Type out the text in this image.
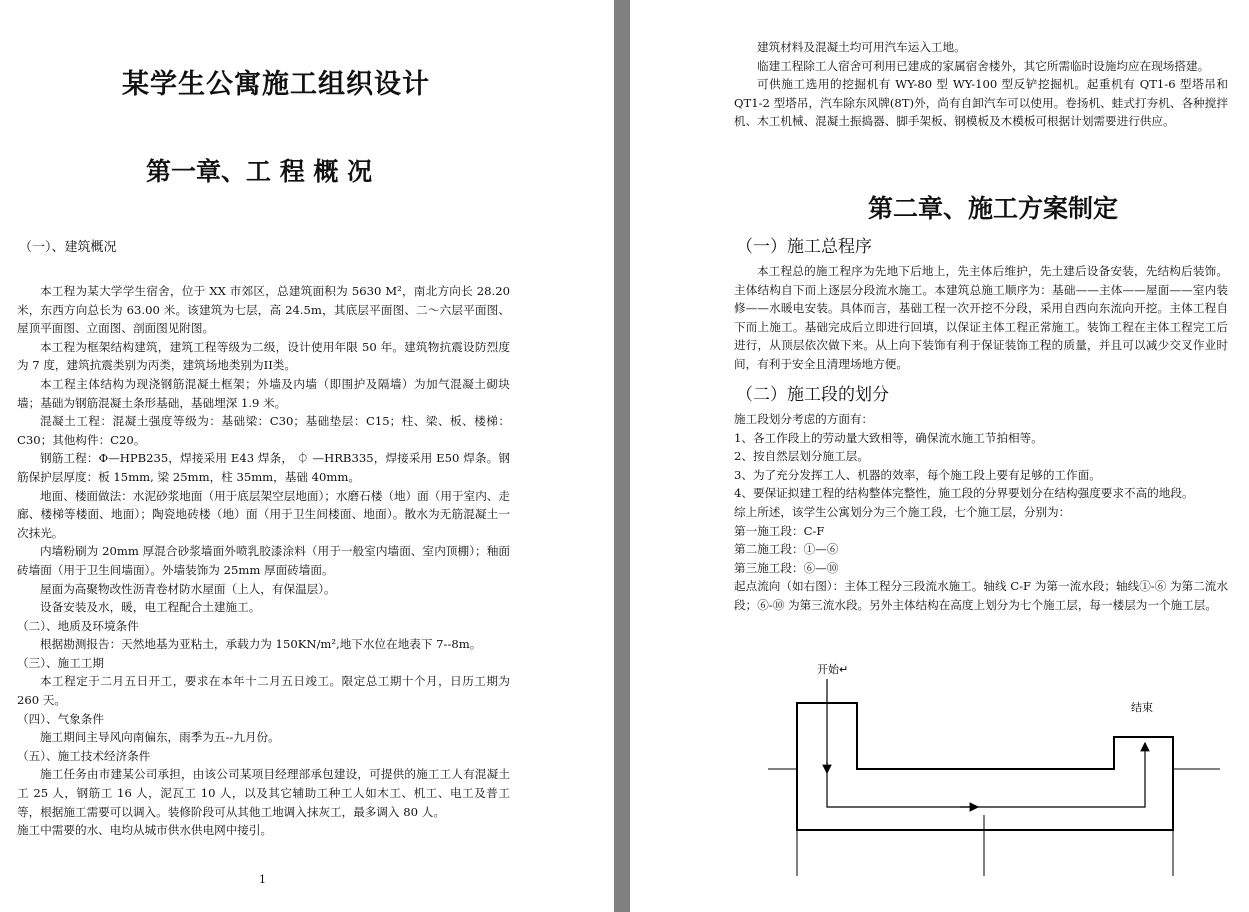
某学生公寓施工组织设计
第一章、工 程 概 况
（一）、建筑概况

本工程为某大学学生宿舍，位于 XX 市郊区，总建筑面积为 5630 M²，南北方向长 28.20 米，东西方向总长为 63.00 米。该建筑为七层，高 24.5m，其底层平面图、二～六层平面图、屋顶平面图、立面图、剖面图见附图。

本工程为框架结构建筑，建筑工程等级为二级，设计使用年限 50 年。建筑物抗震设防烈度为 7 度，建筑抗震类别为丙类，建筑场地类别为II类。

本工程主体结构为现浇钢筋混凝土框架；外墙及内墙（即围护及隔墙）为加气混凝土砌块墙；基础为钢筋混凝土条形基础，基础埋深 1.9 米。

混凝土工程：混凝土强度等级为：基础梁：C30；基础垫层：C15；柱、梁、板、楼梯：C30；其他构件：C20。

钢筋工程：Φ—HPB235，焊接采用 E43 焊条， ⏀ —HRB335，焊接采用 E50 焊条。钢筋保护层厚度：板 15mm, 梁 25mm，柱 35mm，基础 40mm。

地面、楼面做法：水泥砂浆地面（用于底层架空层地面）；水磨石楼（地）面（用于室内、走廊、楼梯等楼面、地面）；陶瓷地砖楼（地）面（用于卫生间楼面、地面）。散水为无筋混凝土一次抹光。

内墙粉刷为 20mm 厚混合砂浆墙面外喷乳胶漆涂料（用于一般室内墙面、室内顶棚）；釉面砖墙面（用于卫生间墙面）。外墙装饰为 25mm 厚面砖墙面。

屋面为高聚物改性沥青卷材防水屋面（上人，有保温层）。

设备安装及水，暖，电工程配合土建施工。

（二）、地质及环境条件

根据勘测报告：天然地基为亚粘土，承载力为 150KN/m²,地下水位在地表下 7--8m。

（三）、施工工期

本工程定于二月五日开工，要求在本年十二月五日竣工。限定总工期十个月，日历工期为 260 天。

（四）、气象条件

施工期间主导风向南偏东，雨季为五--九月份。

（五）、施工技术经济条件

施工任务由市建某公司承担，由该公司某项目经理部承包建设，可提供的施工工人有混凝土工 25 人，钢筋工 16 人，泥瓦工 10 人，以及其它辅助工种工人如木工、机工、电工及普工等，根据施工需要可以调入。装修阶段可从其他工地调入抹灰工，最多调入 80 人。

施工中需要的水、电均从城市供水供电网中接引。

1

建筑材料及混凝土均可用汽车运入工地。

临建工程除工人宿舍可利用已建成的家属宿舍楼外，其它所需临时设施均应在现场搭建。

可供施工选用的挖掘机有 WY-80 型 WY-100 型反铲挖掘机。起重机有 QT1-6 型塔吊和 QT1-2 型塔吊，汽车除东风牌(8T)外，尚有自卸汽车可以使用。卷扬机、蛙式打夯机、各种搅拌机、木工机械、混凝土振捣器、脚手架板、钢模板及木模板可根据计划需要进行供应。

第二章、施工方案制定
（一）施工总程序

本工程总的施工程序为先地下后地上，先主体后维护，先土建后设备安装，先结构后装饰。主体结构自下而上逐层分段流水施工。本建筑总施工顺序为：基础——主体——屋面——室内装修——水暖电安装。具体而言，基础工程一次开挖不分段，采用自西向东流向开挖。主体工程自下而上施工。基础完成后立即进行回填，以保证主体工程正常施工。装饰工程在主体工程完工后进行，从顶层依次做下来。从上向下装饰有利于保证装饰工程的质量，并且可以减少交叉作业时间，有利于安全且清理场地方便。

（二）施工段的划分

施工段划分考虑的方面有：

1、各工作段上的劳动量大致相等，确保流水施工节拍相等。

2、按自然层划分施工层。

3、为了充分发挥工人、机器的效率，每个施工段上要有足够的工作面。

4、要保证拟建工程的结构整体完整性，施工段的分界要划分在结构强度要求不高的地段。

综上所述，该学生公寓划分为三个施工段，七个施工层，分别为：

第一施工段：C-F

第二施工段：①—⑥

第三施工段：⑥—⑩

起点流向（如右图）：主体工程分三段流水施工。轴线 C-F 为第一流水段；轴线①-⑥ 为第二流水段；⑥-⑩ 为第三流水段。另外主体结构在高度上划分为七个施工层，每一楼层为一个施工层。

开始↵
结束
